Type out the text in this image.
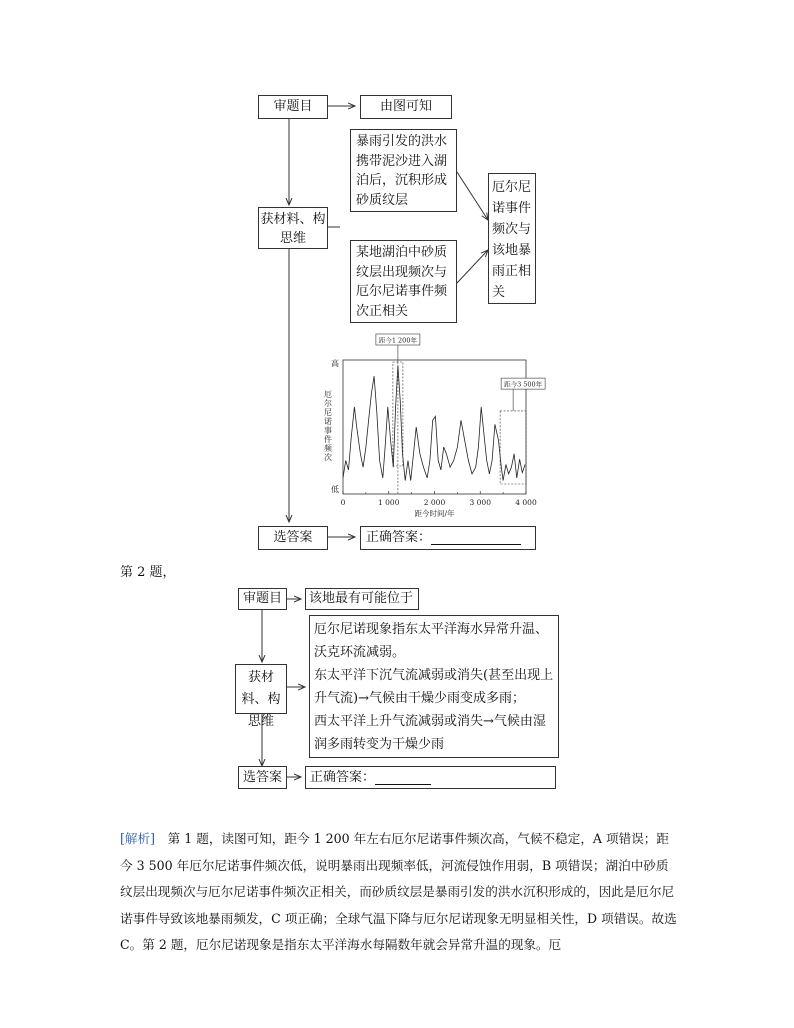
审题目	由图可知
获材料、构思维
暴雨引发的洪水携带泥沙进入湖泊后，沉积形成砂质纹层
某地湖泊中砂质纹层出现频次与厄尔尼诺事件频次正相关
厄尔尼诺事件频次与该地暴雨正相关
0	1 000	2 000	3 000	4 000
距今时间/年
高
低
厄尔尼诺事件频次
距今1 200年
距今3 500年
选答案	正确答案：
第 2 题，
审题目	该地最有可能位于
获材料、构思维
厄尔尼诺现象指东太平洋海水异常升温、沃克环流减弱。
东太平洋下沉气流减弱或消失(甚至出现上升气流)→气候由干燥少雨变成多雨；
西太平洋上升气流减弱或消失→气候由湿润多雨转变为干燥少雨
选答案	正确答案：
[解析]　第 1 题，读图可知，距今 1 200 年左右厄尔尼诺事件频次高，气候不稳定，A 项错误；距今 3 500 年厄尔尼诺事件频次低，说明暴雨出现频率低，河流侵蚀作用弱，B 项错误；湖泊中砂质纹层出现频次与厄尔尼诺事件频次正相关，而砂质纹层是暴雨引发的洪水沉积形成的，因此是厄尔尼诺事件导致该地暴雨频发，C 项正确；全球气温下降与厄尔尼诺现象无明显相关性，D 项错误。故选 C。第 2 题，厄尔尼诺现象是指东太平洋海水每隔数年就会异常升温的现象。厄
